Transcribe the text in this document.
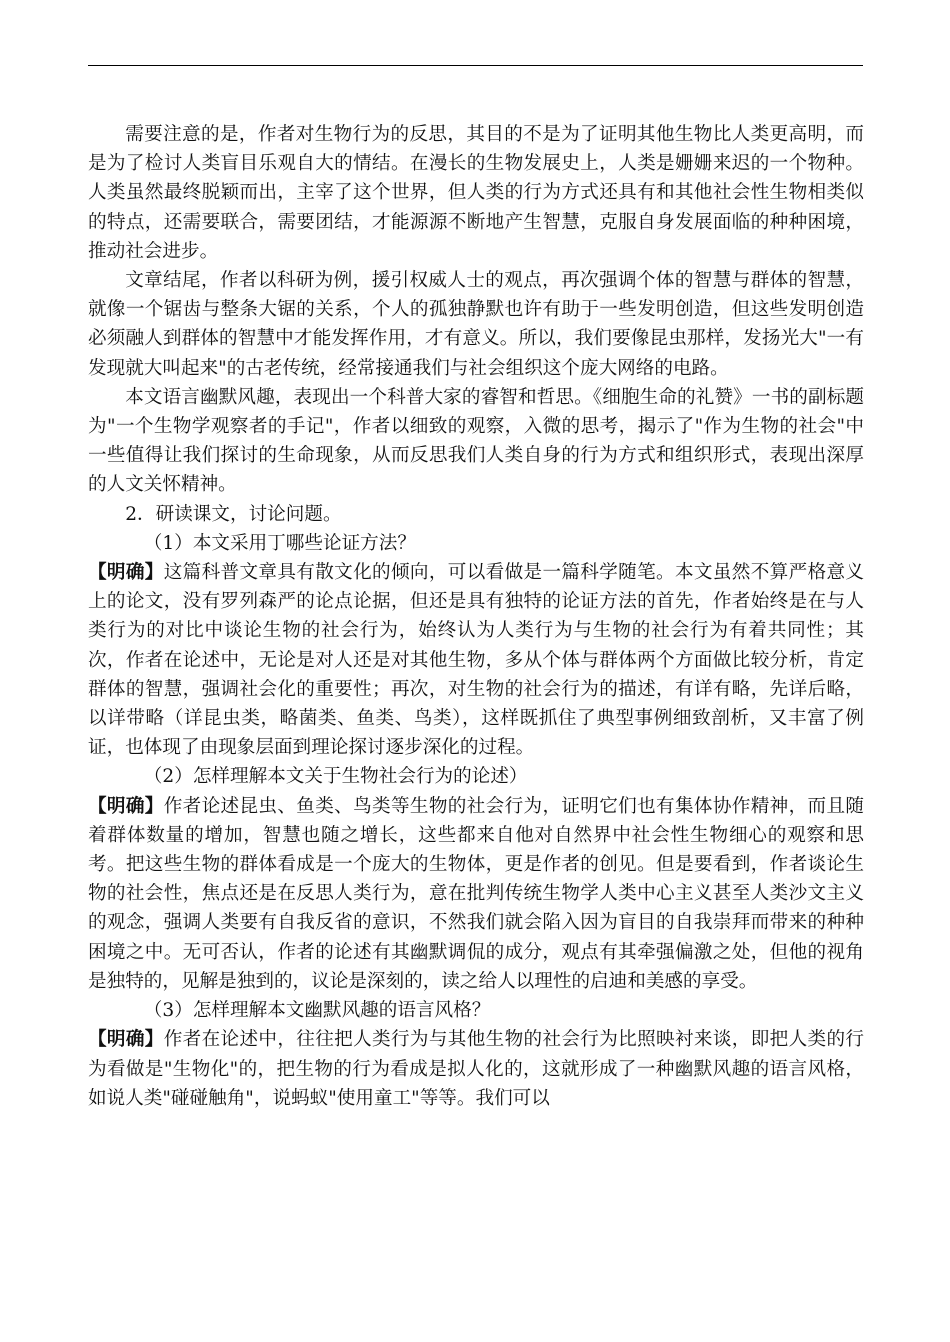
需要注意的是，作者对生物行为的反思，其目的不是为了证明其他生物比人类更高明，而是为了检讨人类盲目乐观自大的情结。在漫长的生物发展史上，人类是姗姗来迟的一个物种。人类虽然最终脱颖而出，主宰了这个世界，但人类的行为方式还具有和其他社会性生物相类似的特点，还需要联合，需要团结，才能源源不断地产生智慧，克服自身发展面临的种种困境，推动社会进步。

文章结尾，作者以科研为例，援引权威人士的观点，再次强调个体的智慧与群体的智慧，就像一个锯齿与整条大锯的关系，个人的孤独静默也许有助于一些发明创造，但这些发明创造必须融人到群体的智慧中才能发挥作用，才有意义。所以，我们要像昆虫那样，发扬光大"一有发现就大叫起来"的古老传统，经常接通我们与社会组织这个庞大网络的电路。

本文语言幽默风趣，表现出一个科普大家的睿智和哲思。《细胞生命的礼赞》一书的副标题为"一个生物学观察者的手记"，作者以细致的观察，入微的思考，揭示了"作为生物的社会"中一些值得让我们探讨的生命现象，从而反思我们人类自身的行为方式和组织形式，表现出深厚的人文关怀精神。

2．研读课文，讨论问题。

（1）本文采用丁哪些论证方法？

【明确】这篇科普文章具有散文化的倾向，可以看做是一篇科学随笔。本文虽然不算严格意义上的论文，没有罗列森严的论点论据，但还是具有独特的论证方法的首先，作者始终是在与人类行为的对比中谈论生物的社会行为，始终认为人类行为与生物的社会行为有着共同性；其次，作者在论述中，无论是对人还是对其他生物，多从个体与群体两个方面做比较分析，肯定群体的智慧，强调社会化的重要性；再次，对生物的社会行为的描述，有详有略，先详后略，以详带略（详昆虫类，略菌类、鱼类、鸟类），这样既抓住了典型事例细致剖析，又丰富了例证，也体现了由现象层面到理论探讨逐步深化的过程。

（2）怎样理解本文关于生物社会行为的论述）

【明确】作者论述昆虫、鱼类、鸟类等生物的社会行为，证明它们也有集体协作精神，而且随着群体数量的增加，智慧也随之增长，这些都来自他对自然界中社会性生物细心的观察和思考。把这些生物的群体看成是一个庞大的生物体，更是作者的创见。但是要看到，作者谈论生物的社会性，焦点还是在反思人类行为，意在批判传统生物学人类中心主义甚至人类沙文主义的观念，强调人类要有自我反省的意识，不然我们就会陷入因为盲目的自我崇拜而带来的种种困境之中。无可否认，作者的论述有其幽默调侃的成分，观点有其牵强偏激之处，但他的视角是独特的，见解是独到的，议论是深刻的，读之给人以理性的启迪和美感的享受。

（3）怎样理解本文幽默风趣的语言风格？

【明确】作者在论述中，往往把人类行为与其他生物的社会行为比照映衬来谈，即把人类的行为看做是"生物化"的，把生物的行为看成是拟人化的，这就形成了一种幽默风趣的语言风格，如说人类"碰碰触角"，说蚂蚁"使用童工"等等。我们可以
